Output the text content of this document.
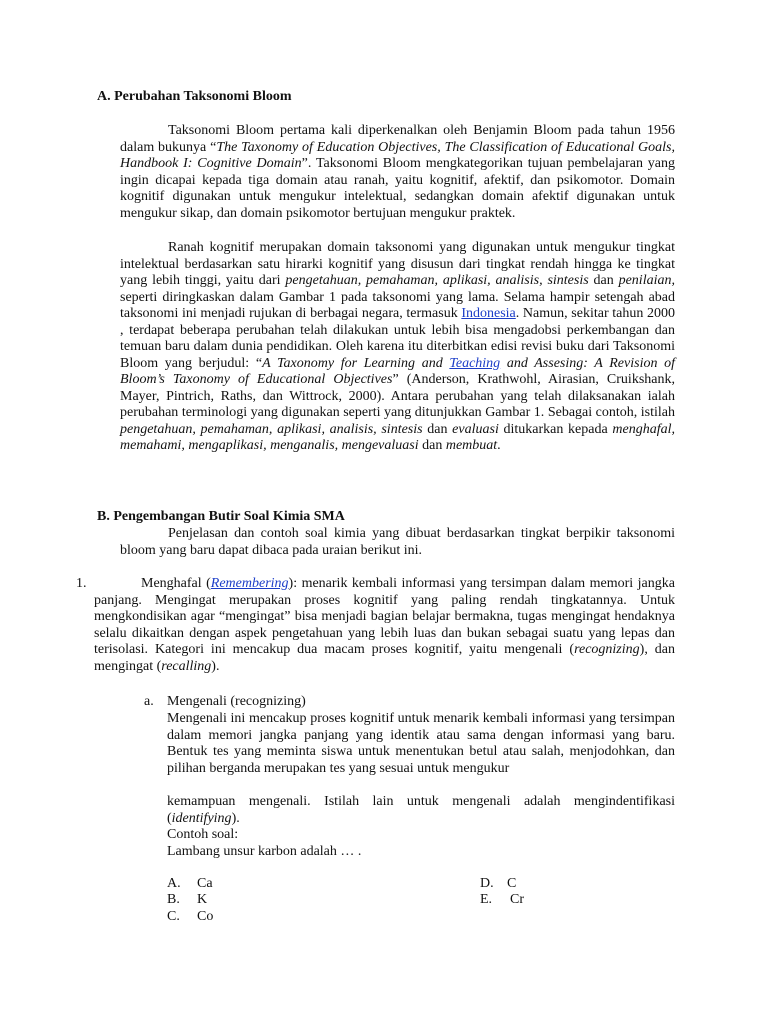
A. Perubahan Taksonomi Bloom
Taksonomi Bloom pertama kali diperkenalkan oleh Benjamin Bloom pada tahun 1956 dalam bukunya “The Taxonomy of Education Objectives, The Classification of Educational Goals, Handbook I: Cognitive Domain”. Taksonomi Bloom mengkategorikan tujuan pembelajaran yang ingin dicapai kepada tiga domain atau ranah, yaitu kognitif, afektif, dan psikomotor. Domain kognitif digunakan untuk mengukur intelektual, sedangkan domain afektif digunakan untuk mengukur sikap, dan domain psikomotor bertujuan mengukur praktek.
Ranah kognitif merupakan domain taksonomi yang digunakan untuk mengukur tingkat intelektual berdasarkan satu hirarki kognitif yang disusun dari tingkat rendah hingga ke tingkat yang lebih tinggi, yaitu dari pengetahuan, pemahaman, aplikasi, analisis, sintesis dan penilaian, seperti diringkaskan dalam Gambar 1 pada taksonomi yang lama. Selama hampir setengah abad taksonomi ini menjadi rujukan di berbagai negara, termasuk Indonesia. Namun, sekitar tahun 2000 , terdapat beberapa perubahan telah dilakukan untuk lebih bisa mengadobsi perkembangan dan temuan baru dalam dunia pendidikan. Oleh karena itu diterbitkan edisi revisi buku dari Taksonomi Bloom yang berjudul: “A Taxonomy for Learning and Teaching and Assesing: A Revision of Bloom’s Taxonomy of Educational Objectives” (Anderson, Krathwohl, Airasian, Cruikshank, Mayer, Pintrich, Raths, dan Wittrock, 2000). Antara perubahan yang telah dilaksanakan ialah perubahan terminologi yang digunakan seperti yang ditunjukkan Gambar 1. Sebagai contoh, istilah pengetahuan, pemahaman, aplikasi, analisis, sintesis dan evaluasi ditukarkan kepada menghafal, memahami, mengaplikasi, menganalis, mengevaluasi dan membuat.
B. Pengembangan Butir Soal Kimia SMA
Penjelasan dan contoh soal kimia yang dibuat berdasarkan tingkat berpikir taksonomi bloom yang baru dapat dibaca pada uraian berikut ini.
1.	Menghafal (Remembering): menarik kembali informasi yang tersimpan dalam memori jangka panjang. Mengingat merupakan proses kognitif yang paling rendah tingkatannya. Untuk mengkondisikan agar “mengingat” bisa menjadi bagian belajar bermakna, tugas mengingat hendaknya selalu dikaitkan dengan aspek pengetahuan yang lebih luas dan bukan sebagai suatu yang lepas dan terisolasi. Kategori ini mencakup dua macam proses kognitif, yaitu mengenali (recognizing), dan mengingat (recalling).
a. Mengenali (recognizing)
Mengenali ini mencakup proses kognitif untuk menarik kembali informasi yang tersimpan dalam memori jangka panjang yang identik atau sama dengan informasi yang baru. Bentuk tes yang meminta siswa untuk menentukan betul atau salah, menjodohkan, dan pilihan berganda merupakan tes yang sesuai untuk mengukur
kemampuan mengenali. Istilah lain untuk mengenali adalah mengindentifikasi (identifying).
Contoh soal:
Lambang unsur karbon adalah … .
A. Ca
B. K
C. Co
D. C
E. Cr
